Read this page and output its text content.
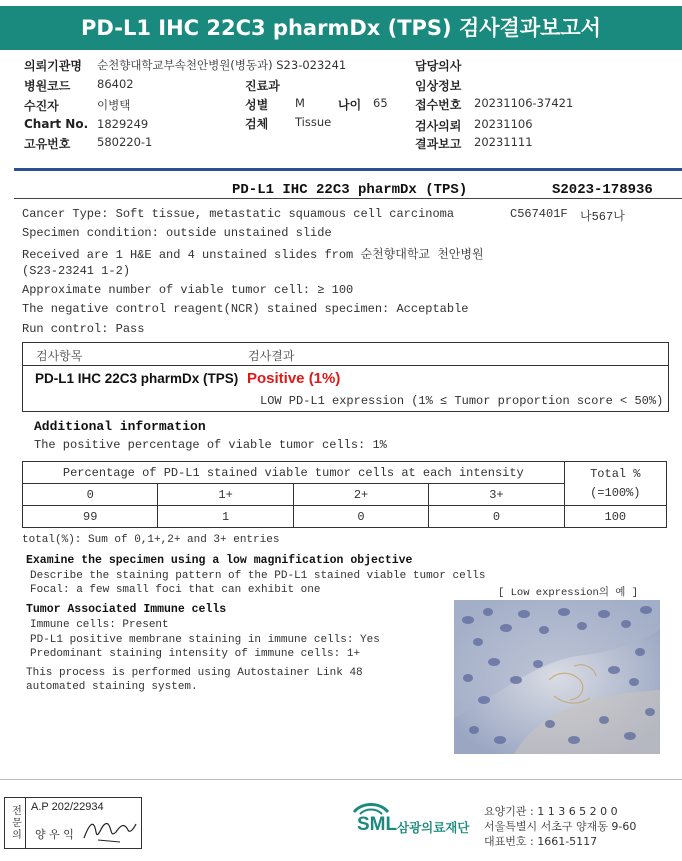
PD-L1 IHC 22C3 pharmDx (TPS) 검사결과보고서
의뢰기관명 순천향대학교부속천안병원(병동과) S23-023241
병원코드 86402
수진자	이병택
Chart No. 1829249
고유번호 580220-1
진료과
성별 M	나이 65
검체 Tissue
담당의사
임상정보
접수번호 20231106-37421
검사의뢰 20231106
결과보고 20231111
PD-L1 IHC 22C3 pharmDx (TPS)	S2023-178936
Cancer Type: Soft tissue, metastatic squamous cell carcinoma	C567401F 나567나
Specimen condition: outside unstained slide
Received are 1 H&E and 4 unstained slides from 순천향대학교 천안병원
(S23-23241 1-2)
Approximate number of viable tumor cell: ≥ 100
The negative control reagent(NCR) stained specimen: Acceptable
Run control: Pass
검사항목	검사결과
PD-L1 IHC 22C3 pharmDx (TPS) Positive (1%)
LOW PD-L1 expression (1% ≤ Tumor proportion score < 50%)
Additional information
The positive percentage of viable tumor cells: 1%
Percentage of PD-L1 stained viable tumor cells at each intensity				Total %
(=100%)
0	1+	2+	3+	
99	1	0	0	100
total(%): Sum of 0,1+,2+ and 3+ entries
Examine the specimen using a low magnification objective
Describe the staining pattern of the PD-L1 stained viable tumor cells
Focal: a few small foci that can exhibit one	[ Low expression의 예 ]
Tumor Associated Immune cells
Immune cells: Present
PD-L1 positive membrane staining in immune cells: Yes
Predominant staining intensity of immune cells: 1+
This process is performed using Autostainer Link 48
automated staining system.
전문의 A.P 202/22934
양 우 익	SML 삼광의료재단
요양기관 : 1 1 3 6 5 2 0 0
서울특별시 서초구 양재동 9-60
대표번호 : 1661-5117
